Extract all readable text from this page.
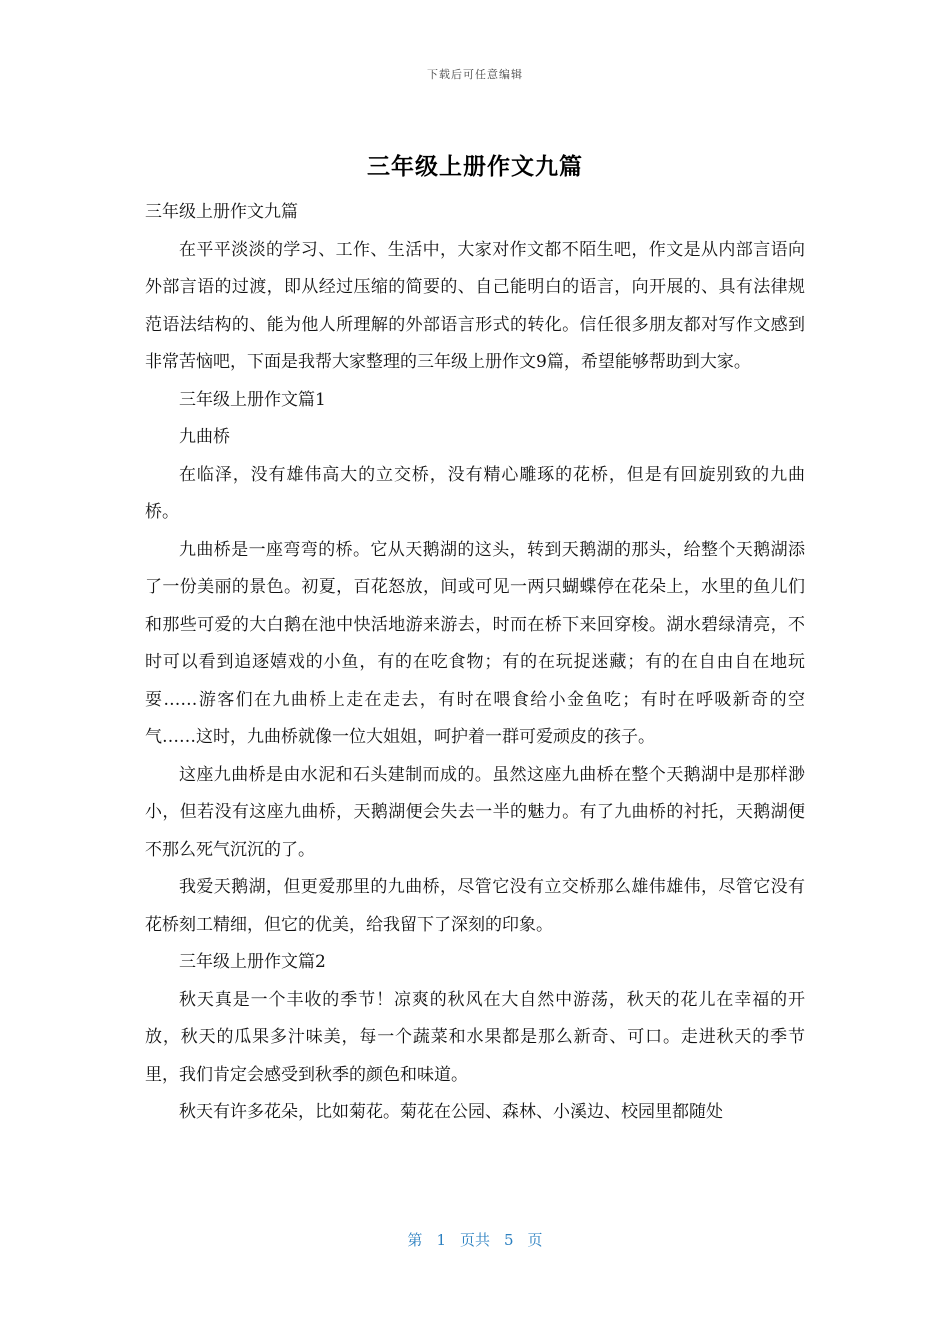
下载后可任意编辑
三年级上册作文九篇

三年级上册作文九篇

在平平淡淡的学习、工作、生活中，大家对作文都不陌生吧，作文是从内部言语向外部言语的过渡，即从经过压缩的简要的、自己能明白的语言，向开展的、具有法律规范语法结构的、能为他人所理解的外部语言形式的转化。信任很多朋友都对写作文感到非常苦恼吧，下面是我帮大家整理的三年级上册作文9篇，希望能够帮助到大家。

三年级上册作文篇1

九曲桥

在临泽，没有雄伟高大的立交桥，没有精心雕琢的花桥，但是有回旋别致的九曲桥。

九曲桥是一座弯弯的桥。它从天鹅湖的这头，转到天鹅湖的那头，给整个天鹅湖添了一份美丽的景色。初夏，百花怒放，间或可见一两只蝴蝶停在花朵上，水里的鱼儿们和那些可爱的大白鹅在池中快活地游来游去，时而在桥下来回穿梭。湖水碧绿清亮，不时可以看到追逐嬉戏的小鱼，有的在吃食物；有的在玩捉迷藏；有的在自由自在地玩耍……游客们在九曲桥上走在走去，有时在喂食给小金鱼吃；有时在呼吸新奇的空气……这时，九曲桥就像一位大姐姐，呵护着一群可爱顽皮的孩子。

这座九曲桥是由水泥和石头建制而成的。虽然这座九曲桥在整个天鹅湖中是那样渺小，但若没有这座九曲桥，天鹅湖便会失去一半的魅力。有了九曲桥的衬托，天鹅湖便不那么死气沉沉的了。

我爱天鹅湖，但更爱那里的九曲桥，尽管它没有立交桥那么雄伟雄伟，尽管它没有花桥刻工精细，但它的优美，给我留下了深刻的印象。

三年级上册作文篇2

秋天真是一个丰收的季节！凉爽的秋风在大自然中游荡，秋天的花儿在幸福的开放，秋天的瓜果多汁味美，每一个蔬菜和水果都是那么新奇、可口。走进秋天的季节里，我们肯定会感受到秋季的颜色和味道。

秋天有许多花朵，比如菊花。菊花在公园、森林、小溪边、校园里都随处

第 1 页共 5 页
